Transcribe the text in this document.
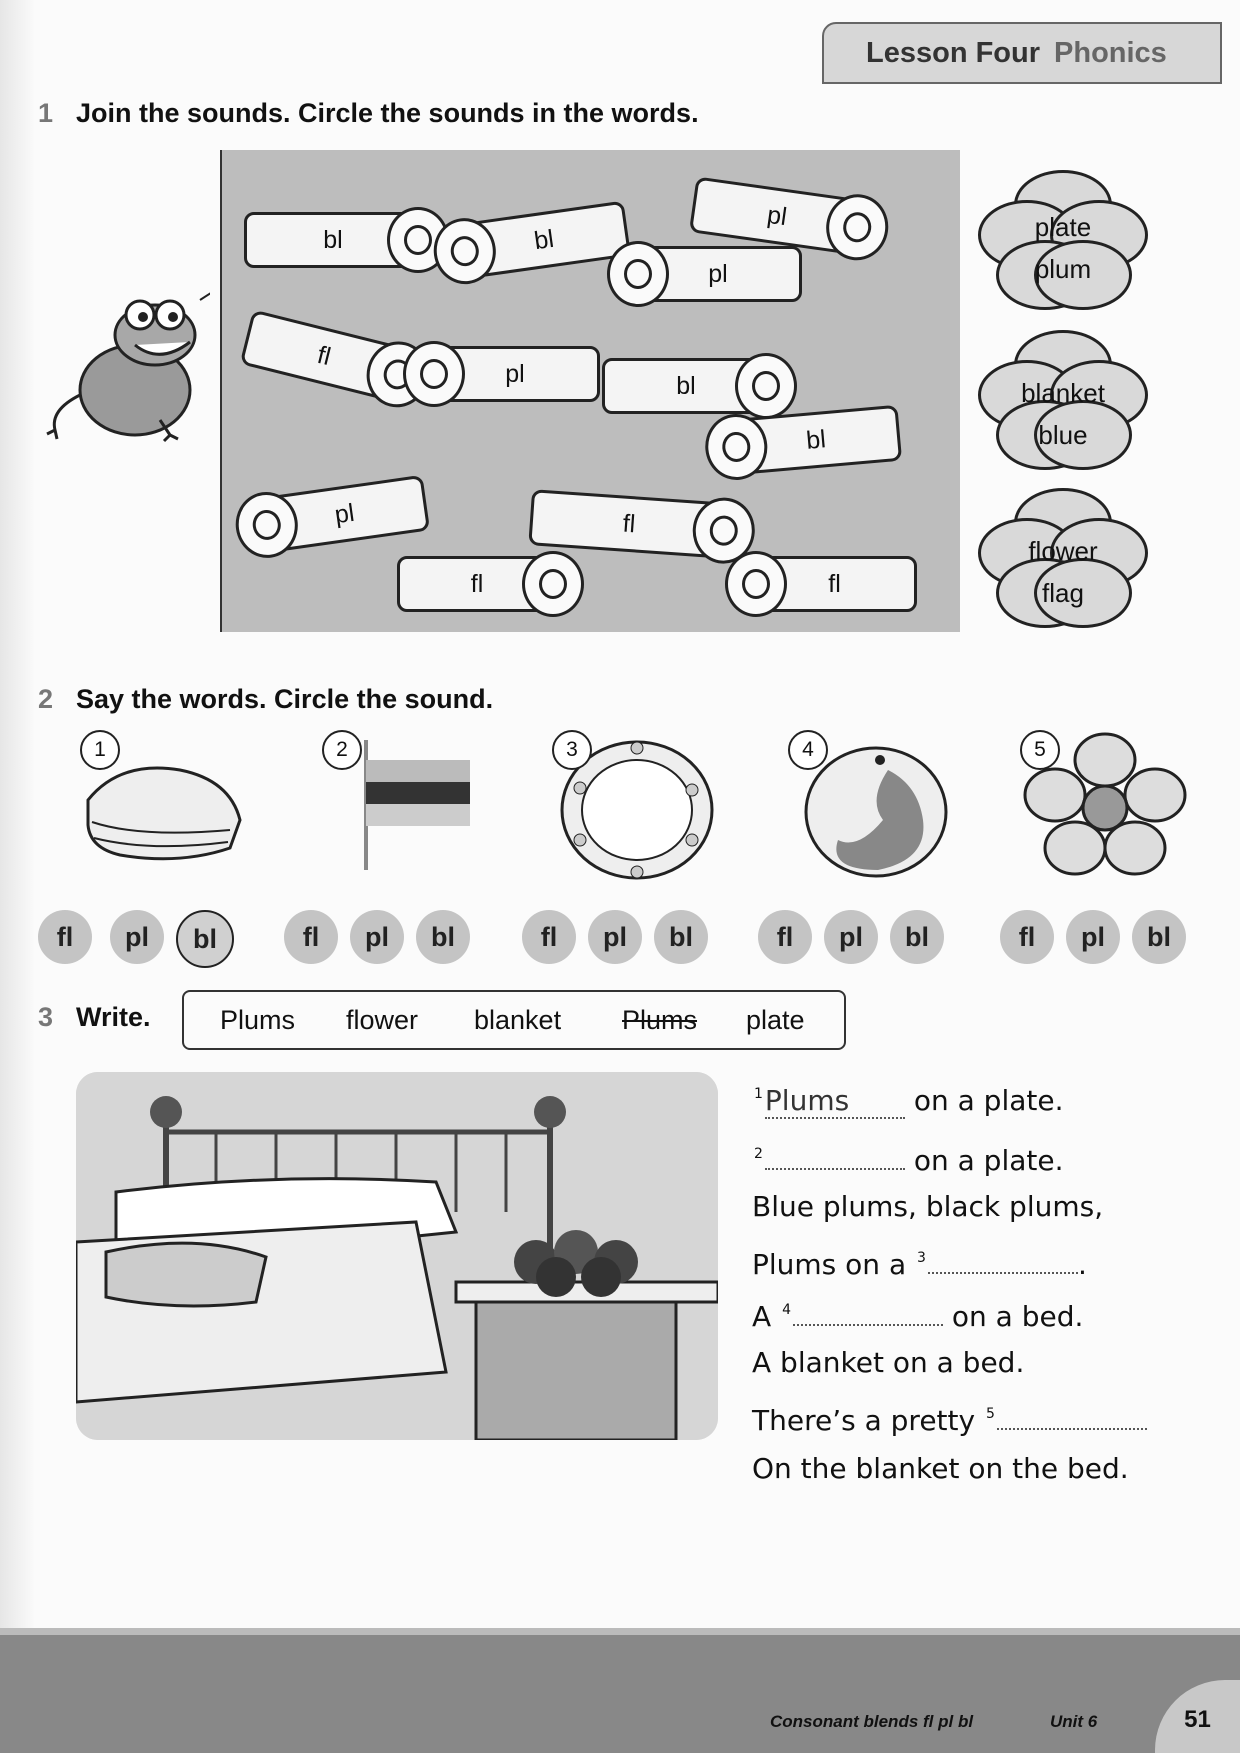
Lesson Four Phonics
1 Join the sounds. Circle the sounds in the words.
bl	bl
pl
pl
fl
pl	bl
bl
pl
fl
fl
fl
plate
plum
blanket
blue
flower
flag
2 Say the words. Circle the sound.
1	2	3	4	5
fl	pl	bl	fl	pl	bl	fl	pl	bl	fl	pl	bl	fl	pl	bl
3 Write.	Plums flower blanket Plums plate
$^1$Plums on a plate.
$^2$	on a plate.
Blue plums, black plums,
Plums on a $^3$	.
A $^4$	on a bed.
A blanket on a bed.
There’s a pretty $^5$
On the blanket on the bed.
Consonant blends fl pl bl	Unit 6	51
